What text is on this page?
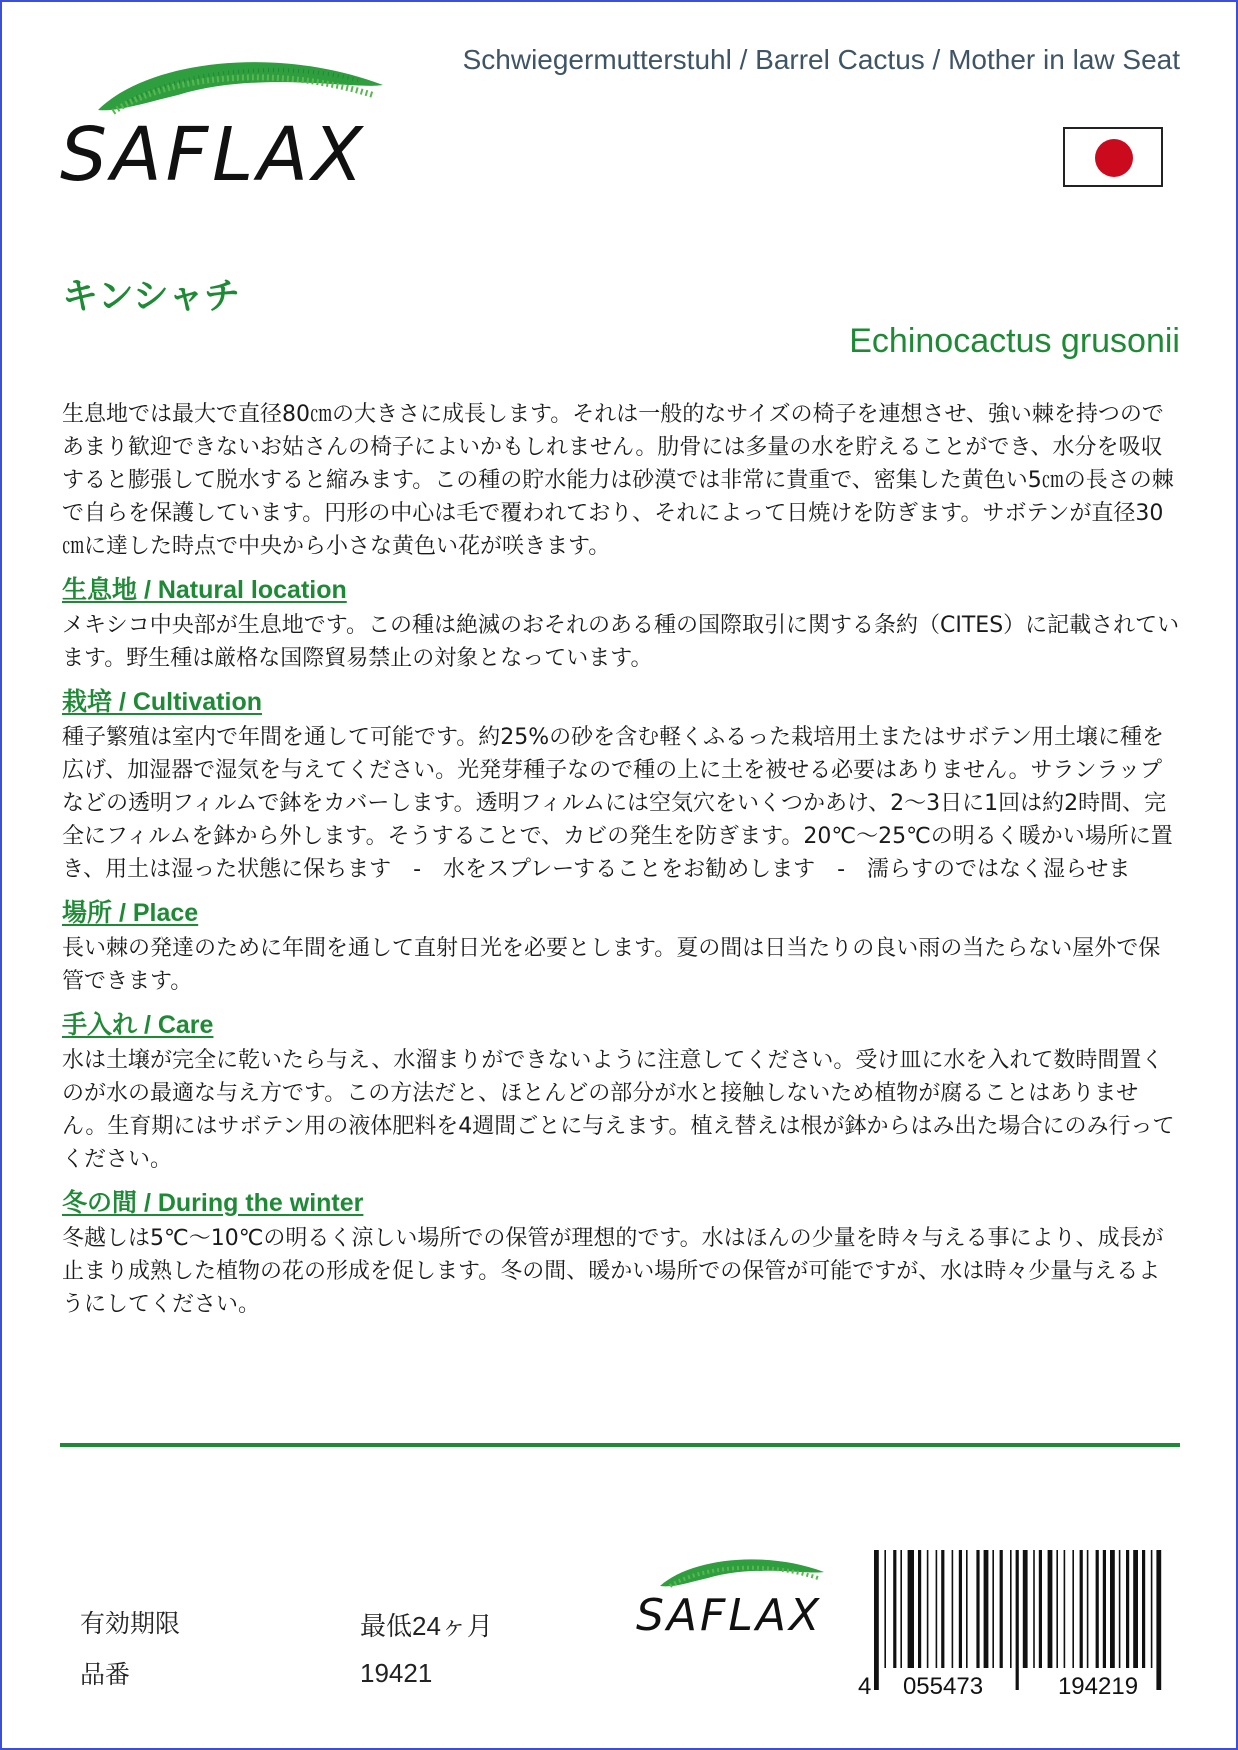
SAFLAX
Schwiegermutterstuhl / Barrel Cactus / Mother in law Seat
キンシャチ
Echinocactus grusonii

生息地では最大で直径80㎝の大きさに成長します。それは一般的なサイズの椅子を連想させ、強い棘を持つのであまり歓迎できないお姑さんの椅子によいかもしれません。肋骨には多量の水を貯えることができ、水分を吸収すると膨張して脱水すると縮みます。この種の貯水能力は砂漠では非常に貴重で、密集した黄色い5㎝の長さの棘で自らを保護しています。円形の中心は毛で覆われており、それによって日焼けを防ぎます。サボテンが直径30㎝に達した時点で中央から小さな黄色い花が咲きます。

生息地 / Natural location

メキシコ中央部が生息地です。この種は絶滅のおそれのある種の国際取引に関する条約（CITES）に記載されています。野生種は厳格な国際貿易禁止の対象となっています。

栽培 / Cultivation

種子繁殖は室内で年間を通して可能です。約25%の砂を含む軽くふるった栽培用土またはサボテン用土壌に種を広げ、加湿器で湿気を与えてください。光発芽種子なので種の上に土を被せる必要はありません。サランラップなどの透明フィルムで鉢をカバーします。透明フィルムには空気穴をいくつかあけ、2～3日に1回は約2時間、完全にフィルムを鉢から外します。そうすることで、カビの発生を防ぎます。20℃～25℃の明るく暖かい場所に置き、用土は湿った状態に保ちます　-　水をスプレーすることをお勧めします　-　濡らすのではなく湿らせま

場所 / Place

長い棘の発達のために年間を通して直射日光を必要とします。夏の間は日当たりの良い雨の当たらない屋外で保管できます。

手入れ / Care

水は土壌が完全に乾いたら与え、水溜まりができないように注意してください。受け皿に水を入れて数時間置くのが水の最適な与え方です。この方法だと、ほとんどの部分が水と接触しないため植物が腐ることはありません。生育期にはサボテン用の液体肥料を4週間ごとに与えます。植え替えは根が鉢からはみ出た場合にのみ行ってください。

冬の間 / During the winter

冬越しは5℃～10℃の明るく涼しい場所での保管が理想的です。水はほんの少量を時々与える事により、成長が止まり成熟した植物の花の形成を促します。冬の間、暖かい場所での保管が可能ですが、水は時々少量与えるようにしてください。

有効期限	最低24ヶ月
品番	19421
SAFLAX
4 055473	194219
